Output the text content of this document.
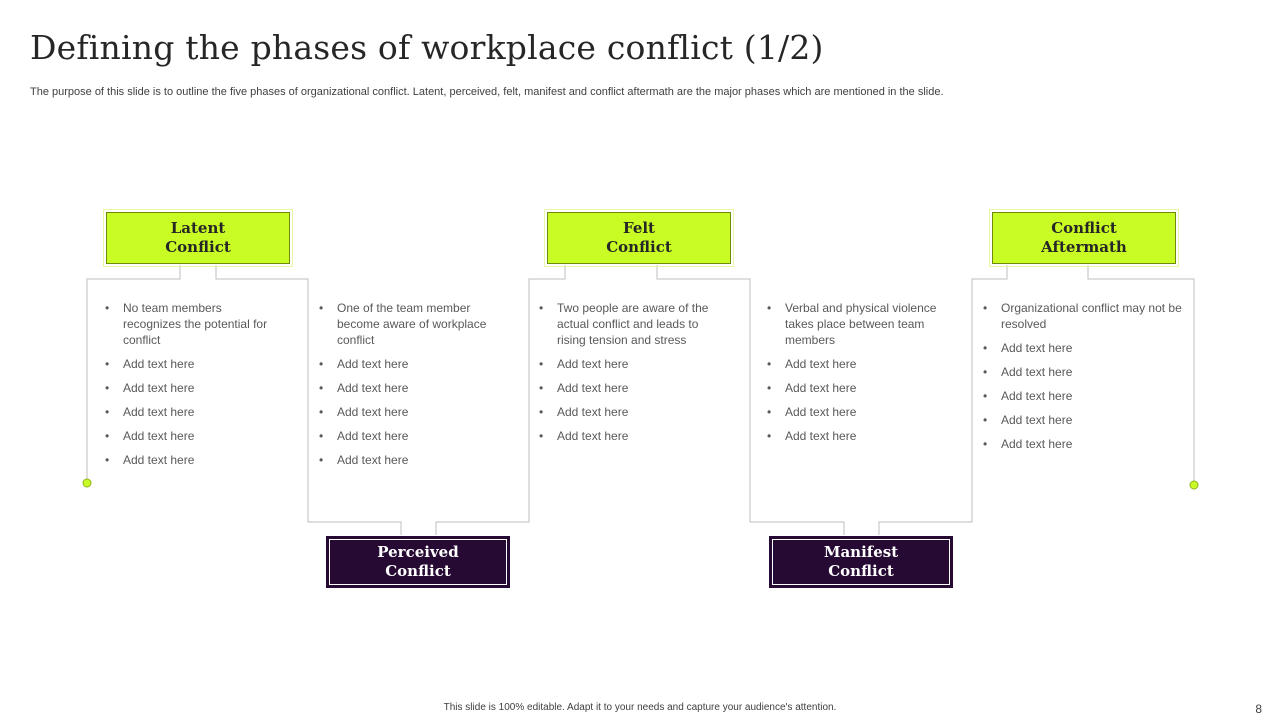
Defining the phases of workplace conflict (1/2)
The purpose of this slide is to outline the five phases of organizational conflict. Latent, perceived, felt, manifest and conflict aftermath are the major phases which are mentioned in the slide.
Latent
Conflict
Perceived
Conflict
Felt
Conflict
Manifest
Conflict
Conflict
Aftermath
• No team members recognizes the potential for conflict
• Add text here
• Add text here
• Add text here
• Add text here
• Add text here
• One of the team member become aware of workplace conflict
• Add text here
• Add text here
• Add text here
• Add text here
• Add text here
• Two people are aware of the actual conflict and leads to rising tension and stress
• Add text here
• Add text here
• Add text here
• Add text here
• Verbal and physical violence takes place between team members
• Add text here
• Add text here
• Add text here
• Add text here
• Organizational conflict may not be resolved
• Add text here
• Add text here
• Add text here
• Add text here
• Add text here
This slide is 100% editable. Adapt it to your needs and capture your audience's attention.	8
